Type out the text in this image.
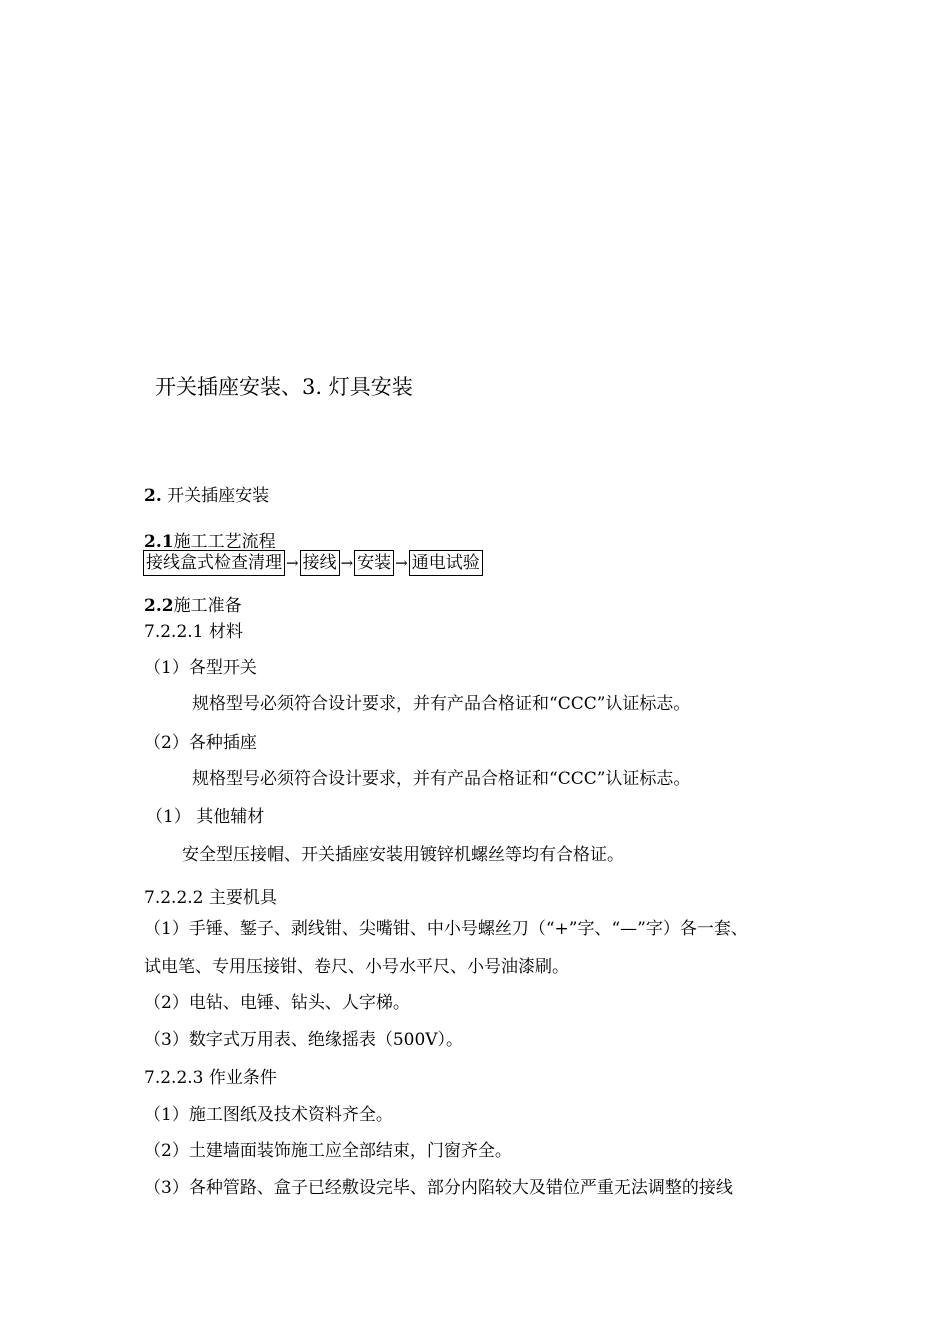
开关插座安装、3. 灯具安装
2. 开关插座安装
2.1施工工艺流程
接线盒式检查清理 → 接线 → 安装 → 通电试验
2.2施工准备
7.2.2.1 材料
（1）各型开关
规格型号必须符合设计要求，并有产品合格证和“CCC”认证标志。
（2）各种插座
规格型号必须符合设计要求，并有产品合格证和“CCC”认证标志。
（1） 其他辅材
安全型压接帽、开关插座安装用镀锌机螺丝等均有合格证。
7.2.2.2 主要机具
（1）手锤、錾子、剥线钳、尖嘴钳、中小号螺丝刀（“+”字、“—”字）各一套、
试电笔、专用压接钳、卷尺、小号水平尺、小号油漆刷。
（2）电钻、电锤、钻头、人字梯。
（3）数字式万用表、绝缘摇表（500V）。
7.2.2.3 作业条件
（1）施工图纸及技术资料齐全。
（2）土建墙面装饰施工应全部结束，门窗齐全。
（3）各种管路、盒子已经敷设完毕、部分内陷较大及错位严重无法调整的接线
